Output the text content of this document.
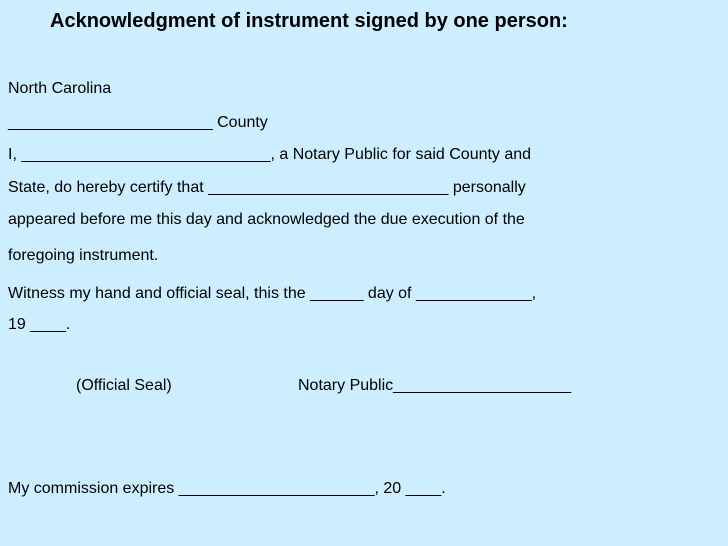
Acknowledgment of instrument signed by one person:
North Carolina
_______________________ County
I, ____________________________, a Notary Public for said County and
State, do hereby certify that ___________________________ personally
appeared before me this day and acknowledged the due execution of the
foregoing instrument.
Witness my hand and official seal, this the ______ day of _____________,
19 ____.
(Official Seal)	Notary Public____________________
My commission expires ______________________, 20 ____.
